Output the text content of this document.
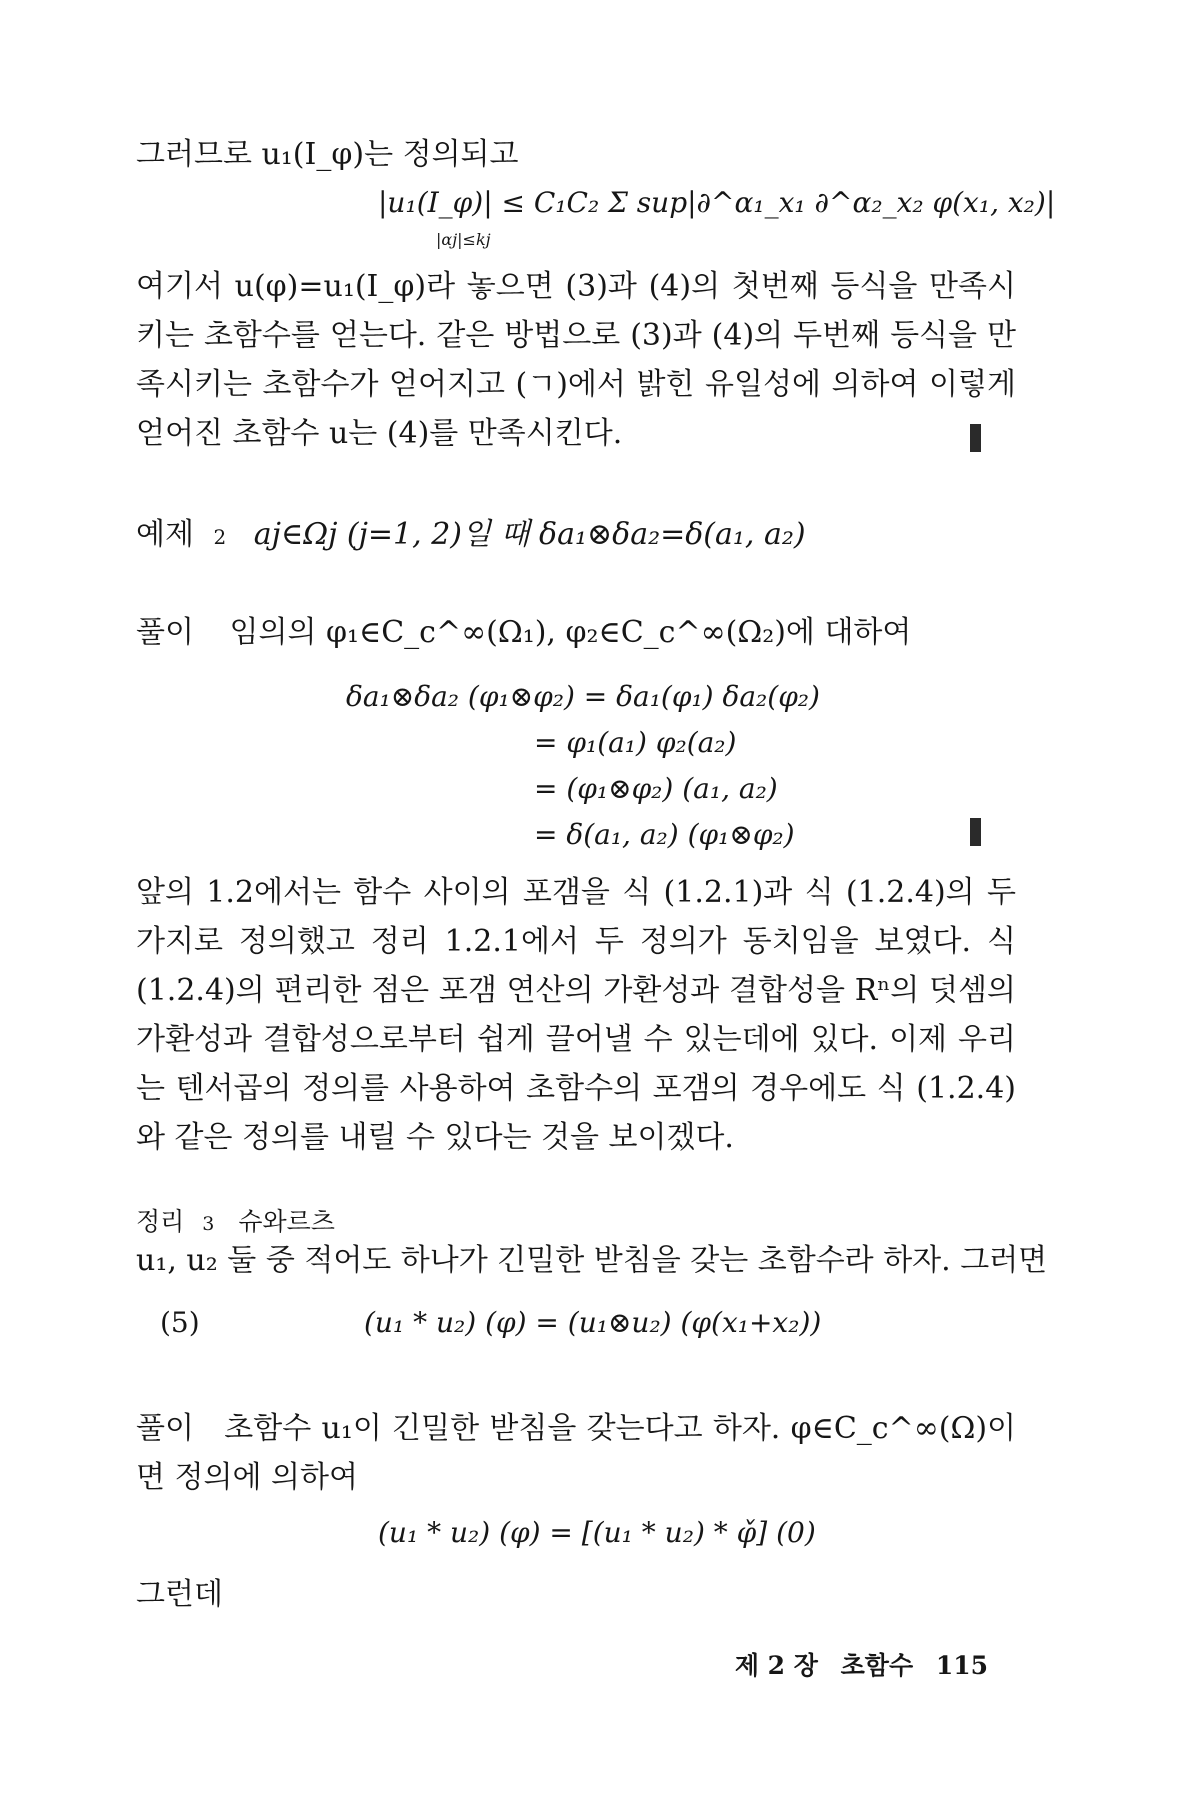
그러므로 u₁(I_φ)는 정의되고
|u₁(I_φ)| ≤ C₁C₂ Σ sup|∂^α₁_x₁ ∂^α₂_x₂ φ(x₁, x₂)|
|αj|≤kj
여기서 u(φ)=u₁(I_φ)라 놓으면 (3)과 (4)의 첫번째 등식을 만족시키는 초함수를 얻는다. 같은 방법으로 (3)과 (4)의 두번째 등식을 만족시키는 초함수가 얻어지고 (ㄱ)에서 밝힌 유일성에 의하여 이렇게 얻어진 초함수 u는 (4)를 만족시킨다.
예제 2 aj∈Ωj (j=1, 2)일 때 δa₁⊗δa₂=δ(a₁, a₂)
풀이 임의의 φ₁∈C_c^∞(Ω₁), φ₂∈C_c^∞(Ω₂)에 대하여
δa₁⊗δa₂ (φ₁⊗φ₂) = δa₁(φ₁) δa₂(φ₂)
= φ₁(a₁) φ₂(a₂)
= (φ₁⊗φ₂) (a₁, a₂)
= δ(a₁, a₂) (φ₁⊗φ₂)
앞의 1.2에서는 함수 사이의 포갬을 식 (1.2.1)과 식 (1.2.4)의 두 가지로 정의했고 정리 1.2.1에서 두 정의가 동치임을 보였다. 식 (1.2.4)의 편리한 점은 포갬 연산의 가환성과 결합성을 Rⁿ의 덧셈의 가환성과 결합성으로부터 쉽게 끌어낼 수 있는데에 있다. 이제 우리는 텐서곱의 정의를 사용하여 초함수의 포갬의 경우에도 식 (1.2.4)와 같은 정의를 내릴 수 있다는 것을 보이겠다.
정리 3 슈와르츠
u₁, u₂ 둘 중 적어도 하나가 긴밀한 받침을 갖는 초함수라 하자. 그러면
(5)	(u₁ * u₂) (φ) = (u₁⊗u₂) (φ(x₁+x₂))
풀이 초함수 u₁이 긴밀한 받침을 갖는다고 하자. φ∈C_c^∞(Ω)이면 정의에 의하여
(u₁ * u₂) (φ) = [(u₁ * u₂) * φ̌] (0)
그런데
제 2 장 초함수 115
